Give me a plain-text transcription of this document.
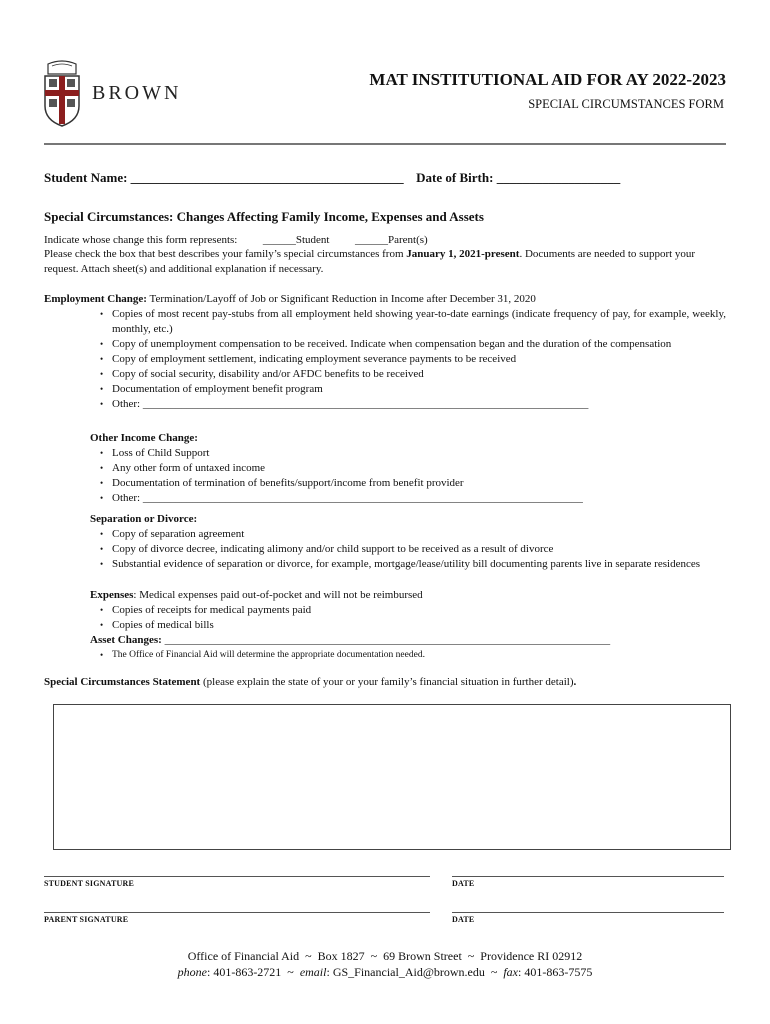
BROWN
MAT INSTITUTIONAL AID FOR AY 2022-2023
SPECIAL CIRCUMSTANCES FORM
Student Name: __________________________________________ Date of Birth: ___________________
Special Circumstances: Changes Affecting Family Income, Expenses and Assets
Indicate whose change this form represents: ______Student ______Parent(s)
Please check the box that best describes your family’s special circumstances from January 1, 2021-present. Documents are needed to support your request. Attach sheet(s) and additional explanation if necessary.
Employment Change: Termination/Layoff of Job or Significant Reduction in Income after December 31, 2020
• Copies of most recent pay-stubs from all employment held showing year-to-date earnings (indicate frequency of pay, for example, weekly, monthly, etc.)
• Copy of unemployment compensation to be received. Indicate when compensation began and the duration of the compensation
• Copy of employment settlement, indicating employment severance payments to be received
• Copy of social security, disability and/or AFDC benefits to be received
• Documentation of employment benefit program
• Other: _________________________________________________________________________________
Other Income Change:
• Loss of Child Support
• Any other form of untaxed income
• Documentation of termination of benefits/support/income from benefit provider
• Other: ________________________________________________________________________________
Separation or Divorce:
• Copy of separation agreement
• Copy of divorce decree, indicating alimony and/or child support to be received as a result of divorce
• Substantial evidence of separation or divorce, for example, mortgage/lease/utility bill documenting parents live in separate residences
Expenses: Medical expenses paid out-of-pocket and will not be reimbursed
• Copies of receipts for medical payments paid
• Copies of medical bills
Asset Changes: _________________________________________________________________________________
• The Office of Financial Aid will determine the appropriate documentation needed.
Special Circumstances Statement (please explain the state of your or your family’s financial situation in further detail).
STUDENT SIGNATURE	DATE
PARENT SIGNATURE	DATE
Office of Financial Aid  ~  Box 1827  ~  69 Brown Street  ~  Providence RI 02912
phone: 401-863-2721  ~  email: GS_Financial_Aid@brown.edu  ~  fax: 401-863-7575
